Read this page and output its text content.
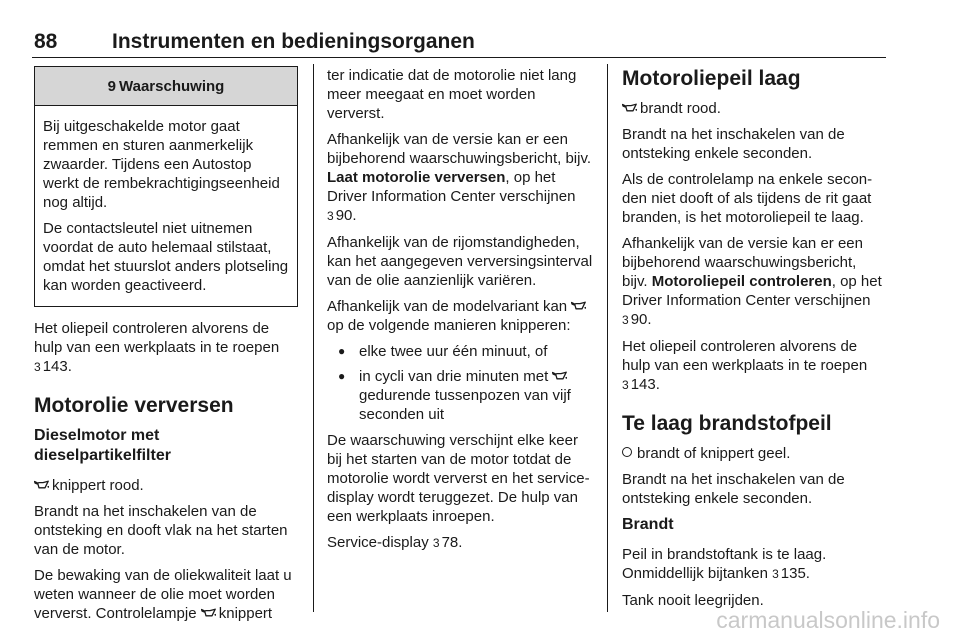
88	Instrumenten en bedieningsorganen
9 Waarschuwing

Bij uitgeschakelde motor gaat remmen en sturen aanmerkelijk zwaarder. Tijdens een Autostop werkt de rembekrachtigingseenheid nog altijd.

De contactsleutel niet uitnemen voordat de auto helemaal stilstaat, omdat het stuurslot anders plotseling kan worden geactiveerd.

Het oliepeil controleren alvorens de hulp van een werkplaats in te roepen 3 143.

Motorolie verversen
Dieselmotor met dieselpartikelfilter

knippert rood.

Brandt na het inschakelen van de ontsteking en dooft vlak na het starten van de motor.

De bewaking van de oliekwaliteit laat u weten wanneer de olie moet worden ververst. Controlelampje knippert

ter indicatie dat de motorolie niet lang meer meegaat en moet worden ververst.

Afhankelijk van de versie kan er een bijbehorend waarschuwingsbericht, bijv. Laat motorolie verversen, op het Driver Information Center verschijnen 3 90.

Afhankelijk van de rijomstandigheden, kan het aangegeven verversingsinterval van de olie aanzienlijk variëren.

Afhankelijk van de modelvariant kan
op de volgende manieren knipperen:

● elke twee uur één minuut, of
● in cycli van drie minuten met
gedurende tussenpozen van vijf seconden uit

De waarschuwing verschijnt elke keer bij het starten van de motor totdat de motorolie wordt ververst en het service-display wordt teruggezet. De hulp van een werkplaats inroepen.

Service-display 3 78.

Motoroliepeil laag

brandt rood.

Brandt na het inschakelen van de ontsteking enkele seconden.

Als de controlelamp na enkele seconden niet dooft of als tijdens de rit gaat branden, is het motoroliepeil te laag.

Afhankelijk van de versie kan er een bijbehorend waarschuwingsbericht, bijv. Motoroliepeil controleren, op het Driver Information Center verschijnen 3 90.

Het oliepeil controleren alvorens de hulp van een werkplaats in te roepen 3 143.

Te laag brandstofpeil

brandt of knippert geel.

Brandt na het inschakelen van de ontsteking enkele seconden.

Brandt

Peil in brandstoftank is te laag. Onmiddellijk bijtanken 3 135.

Tank nooit leegrijden.

carmanualsonline.info
